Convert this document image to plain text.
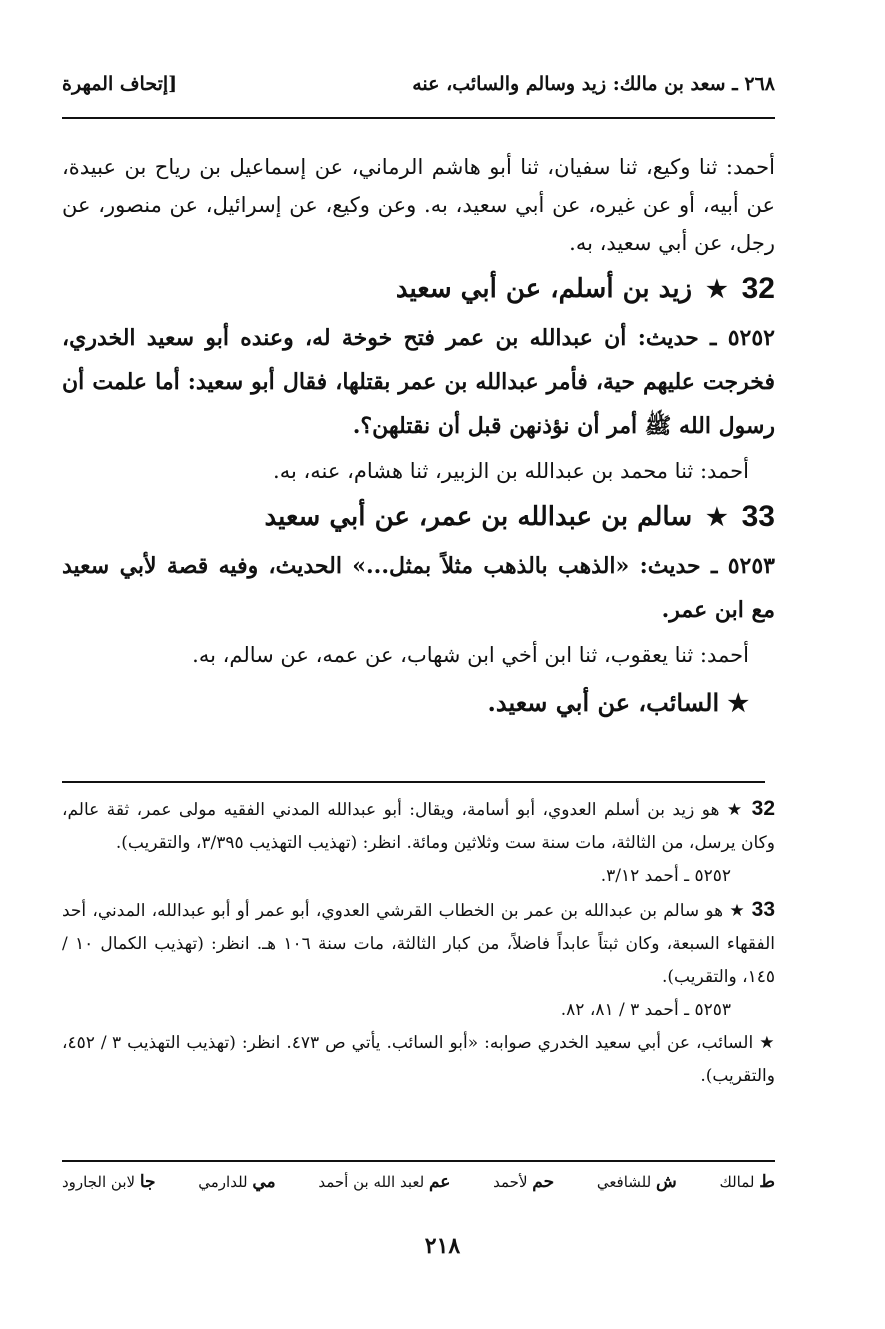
٢٦٨ ـ سعد بن مالك: زيد وسالم والسائب، عنه
[إتحاف المهرة

أحمد: ثنا وكيع، ثنا سفيان، ثنا أبو هاشم الرماني، عن إسماعيل بن رياح بن عبيدة، عن أبيه، أو عن غيره، عن أبي سعيد، به. وعن وكيع، عن إسرائيل، عن منصور، عن رجل، عن أبي سعيد، به.

32
★
زيد بن أسلم، عن أبي سعيد

٥٢٥٢ ـ حديث: أن عبدالله بن عمر فتح خوخة له، وعنده أبو سعيد الخدري، فخرجت عليهم حية، فأمر عبدالله بن عمر بقتلها، فقال أبو سعيد: أما علمت أن رسول الله ﷺ أمر أن نؤذنهن قبل أن نقتلهن؟.

أحمد: ثنا محمد بن عبدالله بن الزبير، ثنا هشام، عنه، به.

33
★
سالم بن عبدالله بن عمر، عن أبي سعيد

٥٢٥٣ ـ حديث: «الذهب بالذهب مثلاً بمثل...» الحديث، وفيه قصة لأبي سعيد مع ابن عمر.

أحمد: ثنا يعقوب، ثنا ابن أخي ابن شهاب، عن عمه، عن سالم، به.

★ السائب، عن أبي سعيد.

32 ★ هو زيد بن أسلم العدوي، أبو أسامة، ويقال: أبو عبدالله المدني الفقيه مولى عمر، ثقة عالم، وكان يرسل، من الثالثة، مات سنة ست وثلاثين ومائة. انظر: (تهذيب التهذيب ٣/٣٩٥، والتقريب).

٥٢٥٢ ـ أحمد ٣/١٢.

33 ★ هو سالم بن عبدالله بن عمر بن الخطاب القرشي العدوي، أبو عمر أو أبو عبدالله، المدني، أحد الفقهاء السبعة، وكان ثبتاً عابداً فاضلاً، من كبار الثالثة، مات سنة ١٠٦ هـ. انظر: (تهذيب الكمال ١٠ / ١٤٥، والتقريب).

٥٢٥٣ ـ أحمد ٣ / ٨١، ٨٢.

★ السائب، عن أبي سعيد الخدري صوابه: «أبو السائب. يأتي ص ٤٧٣. انظر: (تهذيب التهذيب ٣ / ٤٥٢، والتقريب).

ط لمالك
ش للشافعي
حم لأحمد
عم لعبد الله بن أحمد
مي للدارمي
جا لابن الجارود
٢١٨
